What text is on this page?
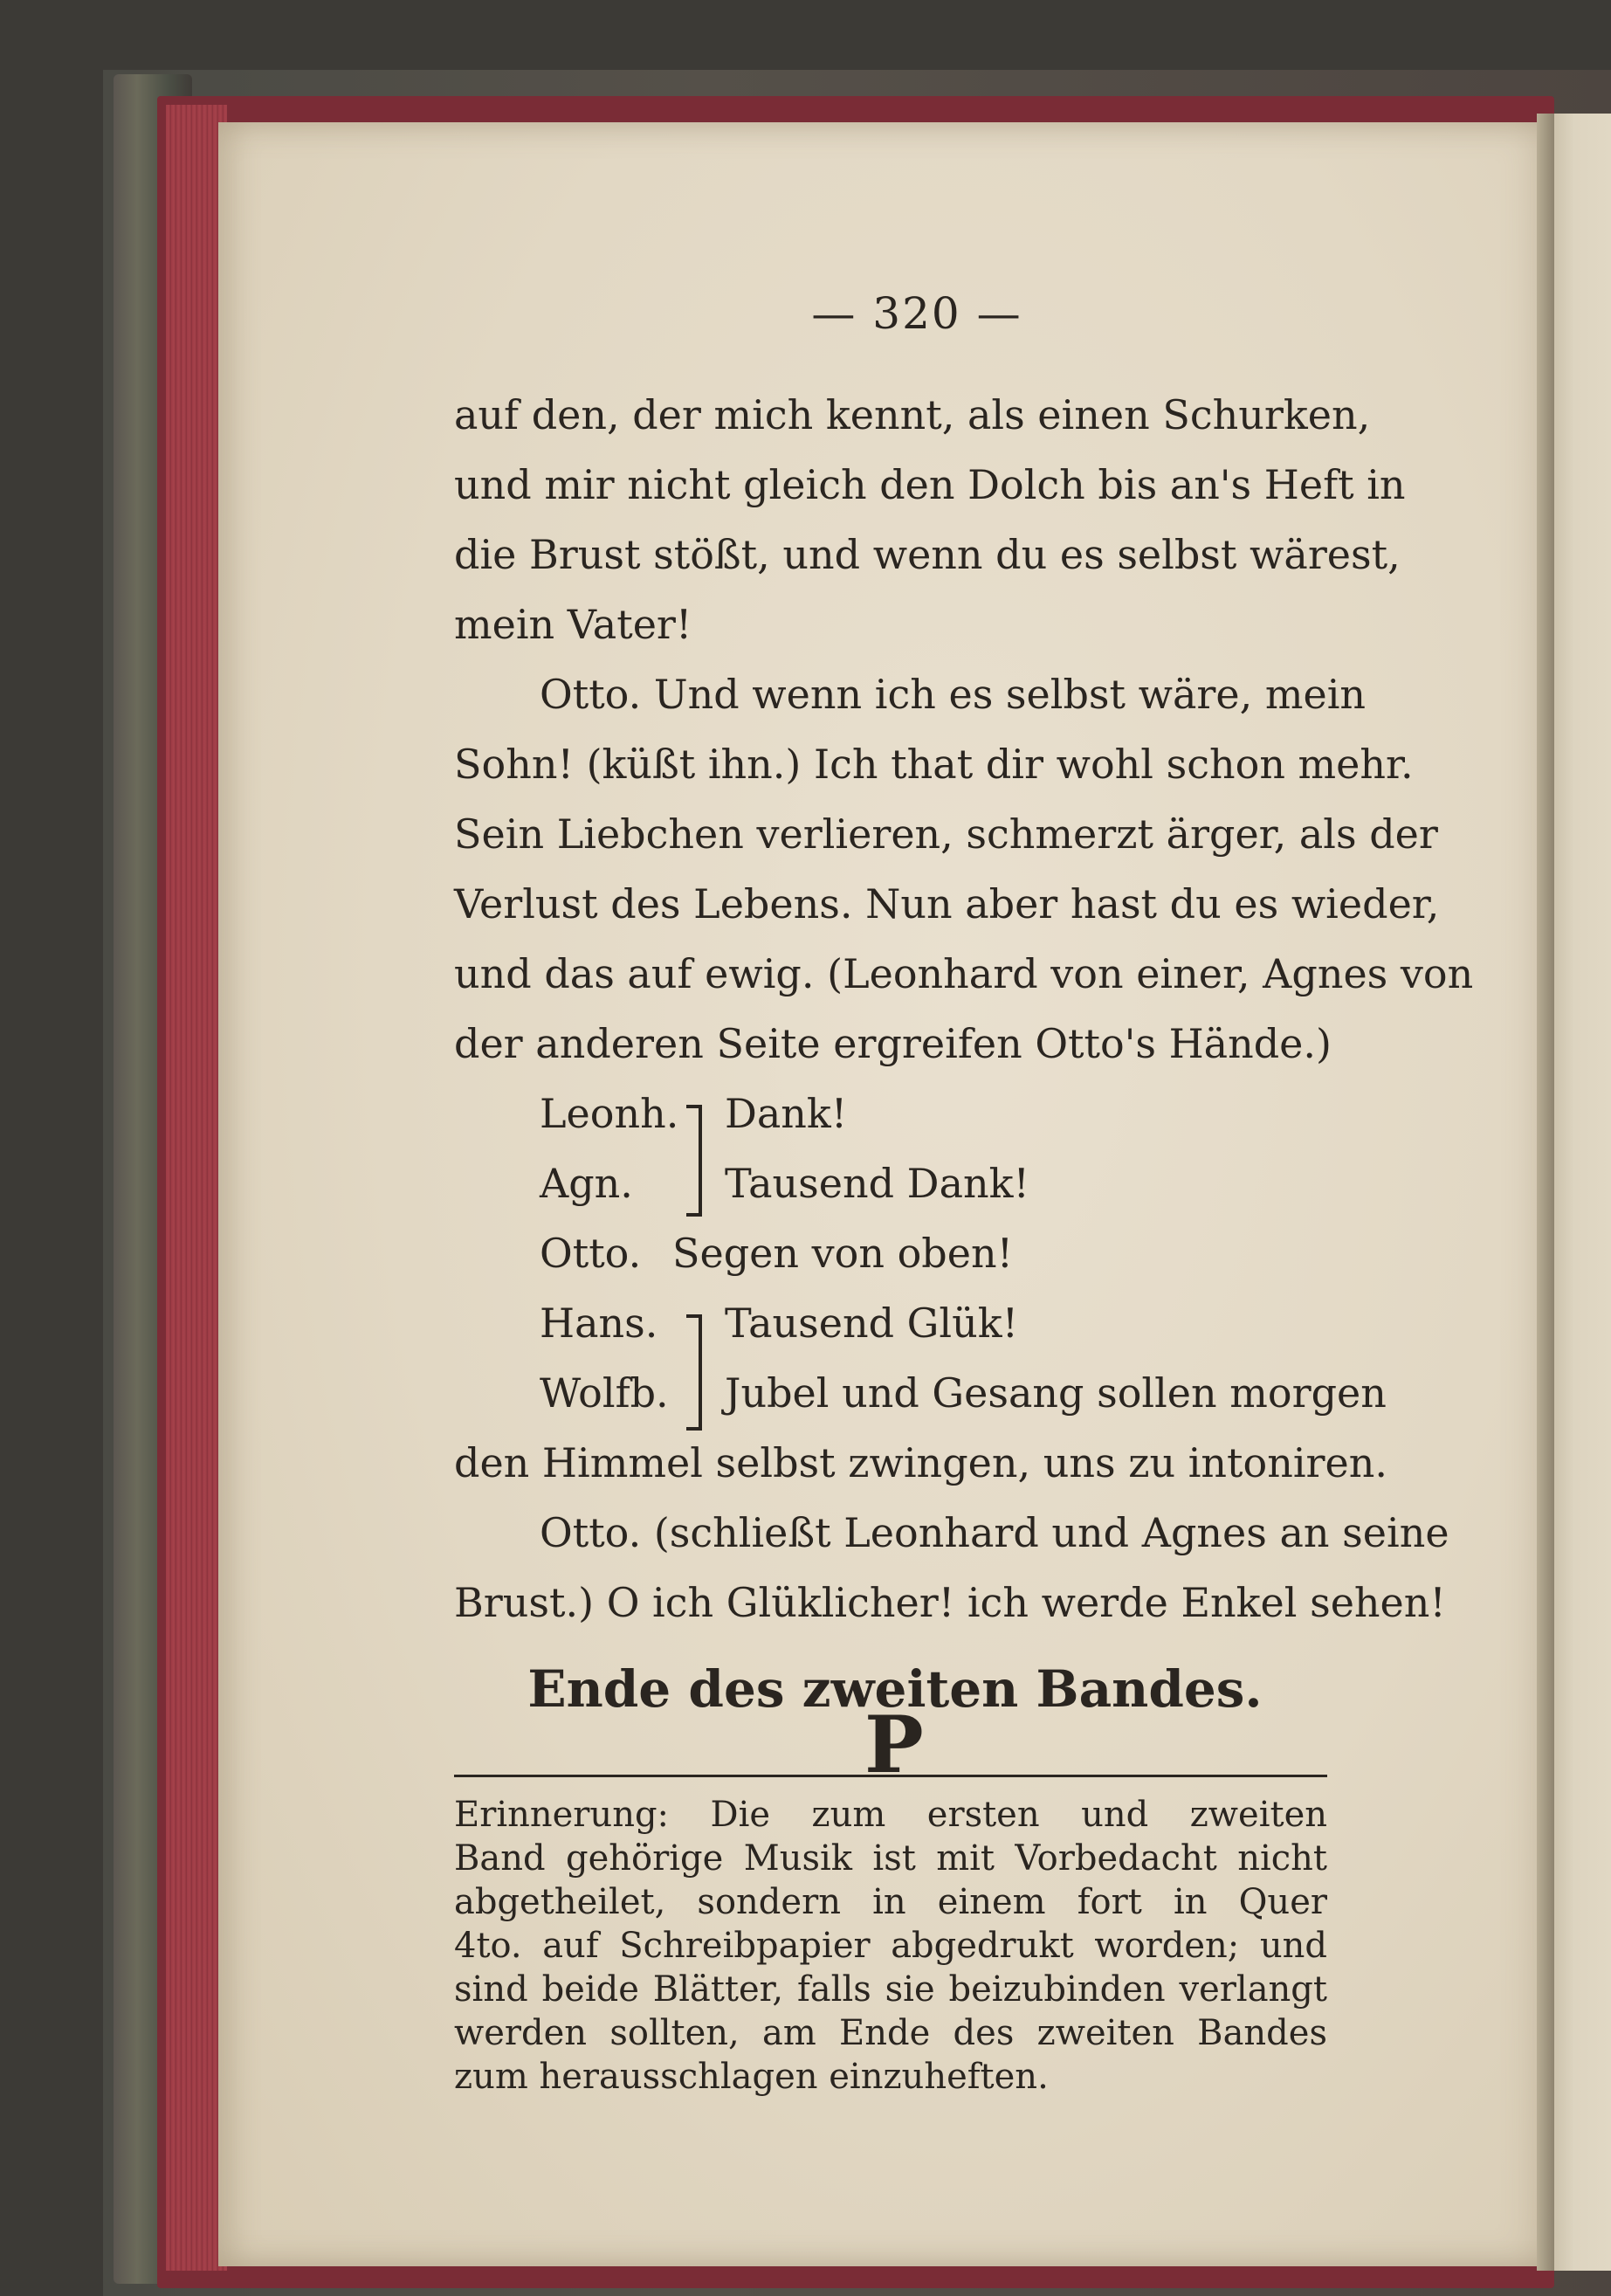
— 320 —
auf den, der mich kennt, als einen Schurken,
und mir nicht gleich den Dolch bis an's Heft in
die Brust stößt, und wenn du es selbst wärest,
mein Vater!
Otto. Und wenn ich es selbst wäre, mein
Sohn! (küßt ihn.) Ich that dir wohl schon mehr.
Sein Liebchen verlieren, schmerzt ärger, als der
Verlust des Lebens. Nun aber hast du es wieder,
und das auf ewig. (Leonhard von einer, Agnes von
der anderen Seite ergreifen Otto's Hände.)
Leonh. Dank!
Agn. Tausend Dank!
Otto. Segen von oben!
Hans. Tausend Glük!
Wolfb. Jubel und Gesang sollen morgen
den Himmel selbst zwingen, uns zu intoniren.
Otto. (schließt Leonhard und Agnes an seine
Brust.) O ich Glüklicher! ich werde Enkel sehen!
Ende des zweiten Bandes.
P
Erinnerung: Die zum ersten und zweiten
Band gehörige Musik ist mit Vorbedacht nicht
abgetheilet, sondern in einem fort in Quer
4to. auf Schreibpapier abgedrukt worden; und
sind beide Blätter, falls sie beizubinden verlangt
werden sollten, am Ende des zweiten Bandes
zum herausschlagen einzuheften.
